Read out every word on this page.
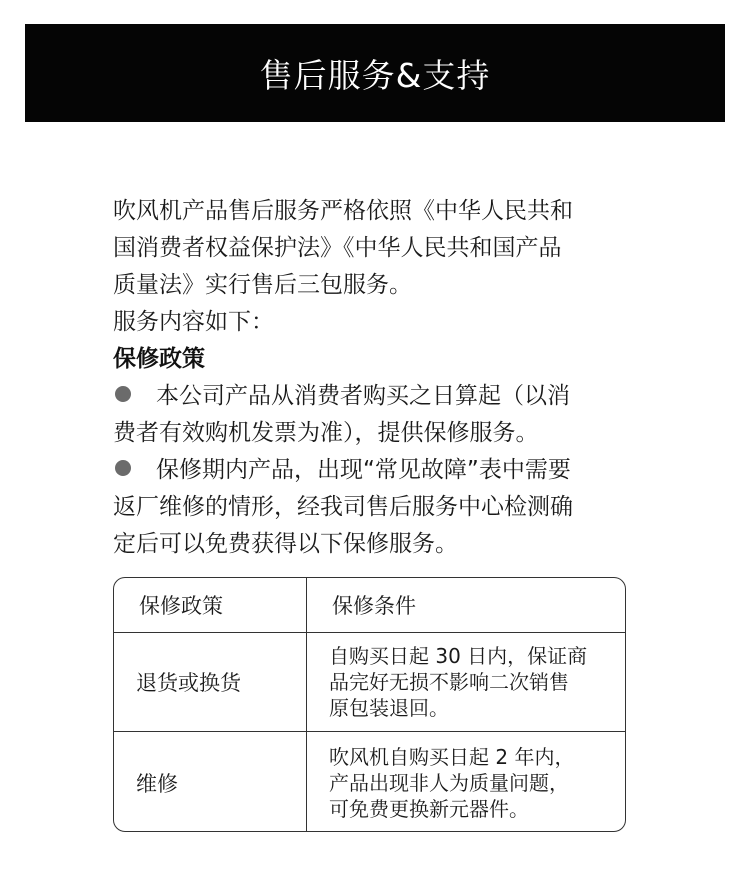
售后服务&支持

吹风机产品售后服务严格依照《中华人民共和

国消费者权益保护法》《中华人民共和国产品

质量法》实行售后三包服务。

服务内容如下：

保修政策

本公司产品从消费者购买之日算起（以消
费者有效购机发票为准），提供保修服务。
保修期内产品，出现“常见故障”表中需要
返厂维修的情形，经我司售后服务中心检测确
定后可以免费获得以下保修服务。
保修政策	保修条件
退货或换货	自购买日起 30 日内，保证商
品完好无损不影响二次销售
原包装退回。

维修	吹风机自购买日起 2 年内，
产品出现非人为质量问题，
可免费更换新元器件。
